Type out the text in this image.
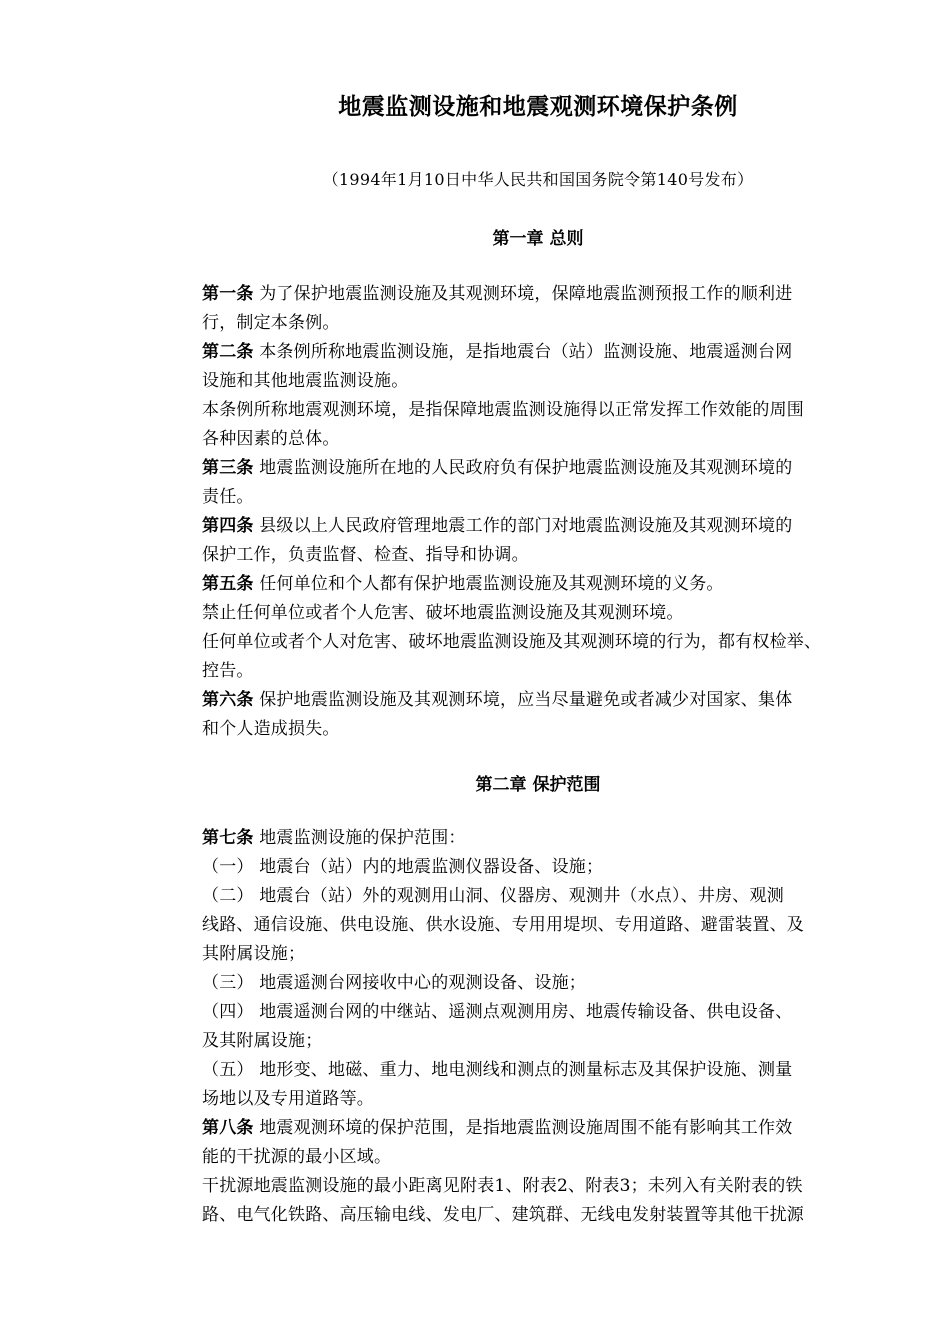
地震监测设施和地震观测环境保护条例
（1994年1月10日中华人民共和国国务院令第140号发布）
第一章 总则
第一条 为了保护地震监测设施及其观测环境，保障地震监测预报工作的顺利进
行，制定本条例。
第二条 本条例所称地震监测设施，是指地震台（站）监测设施、地震遥测台网
设施和其他地震监测设施。
本条例所称地震观测环境，是指保障地震监测设施得以正常发挥工作效能的周围
各种因素的总体。
第三条 地震监测设施所在地的人民政府负有保护地震监测设施及其观测环境的
责任。
第四条 县级以上人民政府管理地震工作的部门对地震监测设施及其观测环境的
保护工作，负责监督、检查、指导和协调。
第五条 任何单位和个人都有保护地震监测设施及其观测环境的义务。
禁止任何单位或者个人危害、破坏地震监测设施及其观测环境。
任何单位或者个人对危害、破坏地震监测设施及其观测环境的行为，都有权检举、
控告。
第六条 保护地震监测设施及其观测环境，应当尽量避免或者减少对国家、集体
和个人造成损失。
第二章 保护范围
第七条 地震监测设施的保护范围：
（一） 地震台（站）内的地震监测仪器设备、设施；
（二） 地震台（站）外的观测用山洞、仪器房、观测井（水点）、井房、观测
线路、通信设施、供电设施、供水设施、专用用堤坝、专用道路、避雷装置、及
其附属设施；
（三） 地震遥测台网接收中心的观测设备、设施；
（四） 地震遥测台网的中继站、遥测点观测用房、地震传输设备、供电设备、
及其附属设施；
（五） 地形变、地磁、重力、地电测线和测点的测量标志及其保护设施、测量
场地以及专用道路等。
第八条 地震观测环境的保护范围，是指地震监测设施周围不能有影响其工作效
能的干扰源的最小区域。
干扰源地震监测设施的最小距离见附表1、附表2、附表3；未列入有关附表的铁
路、电气化铁路、高压输电线、发电厂、建筑群、无线电发射装置等其他干扰源
